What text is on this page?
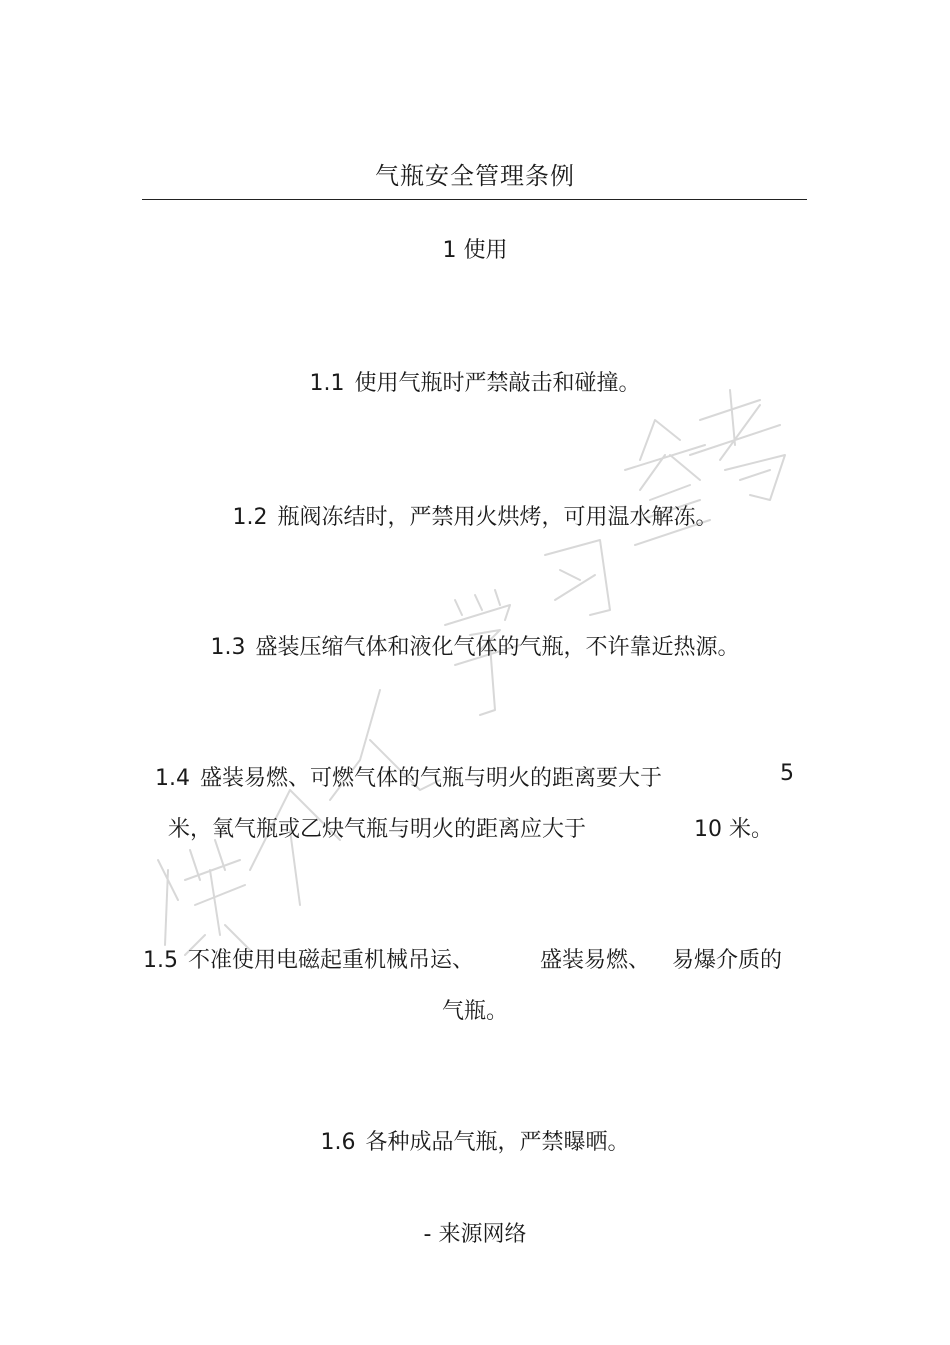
气瓶安全管理条例
1 使用
1.1 使用气瓶时严禁敲击和碰撞。
1.2 瓶阀冻结时，严禁用火烘烤，可用温水解冻。
1.3 盛装压缩气体和液化气体的气瓶，不许靠近热源。
1.4 盛装易燃、可燃气体的气瓶与明火的距离要大于	5
米，氧气瓶或乙炔气瓶与明火的距离应大于	10 米。
1.5 不准使用电磁起重机械吊运、	盛装易燃、 易爆介质的
气瓶。
1.6 各种成品气瓶，严禁曝晒。
- 来源网络
